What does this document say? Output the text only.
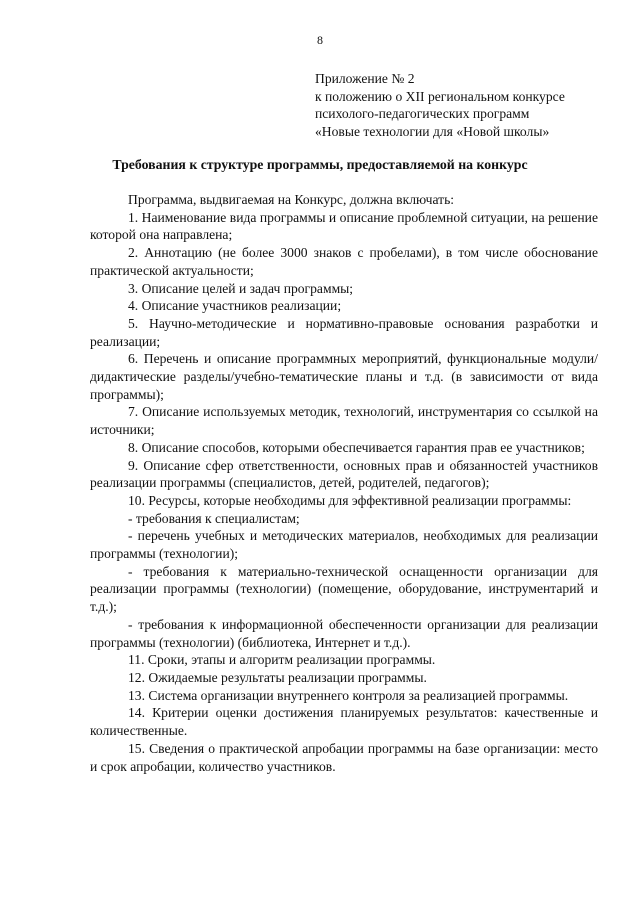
8
Приложение № 2
к положению о XII региональном конкурсе
психолого-педагогических программ
«Новые технологии для «Новой школы»
Требования к структуре программы, предоставляемой на конкурс

Программа, выдвигаемая на Конкурс, должна включать:

1. Наименование вида программы и описание проблемной ситуации, на решение которой она направлена;

2. Аннотацию (не более 3000 знаков с пробелами), в том числе обоснование практической актуальности;

3. Описание целей и задач программы;

4. Описание участников реализации;

5. Научно-методические и нормативно-правовые основания разработки и реализации;

6. Перечень и описание программных мероприятий, функциональные модули/дидактические разделы/учебно-тематические планы и т.д. (в зависимости от вида программы);

7. Описание используемых методик, технологий, инструментария со ссылкой на источники;

8. Описание способов, которыми обеспечивается гарантия прав ее участников;

9. Описание сфер ответственности, основных прав и обязанностей участников реализации программы (специалистов, детей, родителей, педагогов);

10. Ресурсы, которые необходимы для эффективной реализации программы:

- требования к специалистам;

- перечень учебных и методических материалов, необходимых для реализации программы (технологии);

- требования к материально-технической оснащенности организации для реализации программы (технологии) (помещение, оборудование, инструментарий и т.д.);

- требования к информационной обеспеченности организации для реализации программы (технологии) (библиотека, Интернет и т.д.).

11. Сроки, этапы и алгоритм реализации программы.

12. Ожидаемые результаты реализации программы.

13. Система организации внутреннего контроля за реализацией программы.

14. Критерии оценки достижения планируемых результатов: качественные и количественные.

15. Сведения о практической апробации программы на базе организации: место и срок апробации, количество участников.
